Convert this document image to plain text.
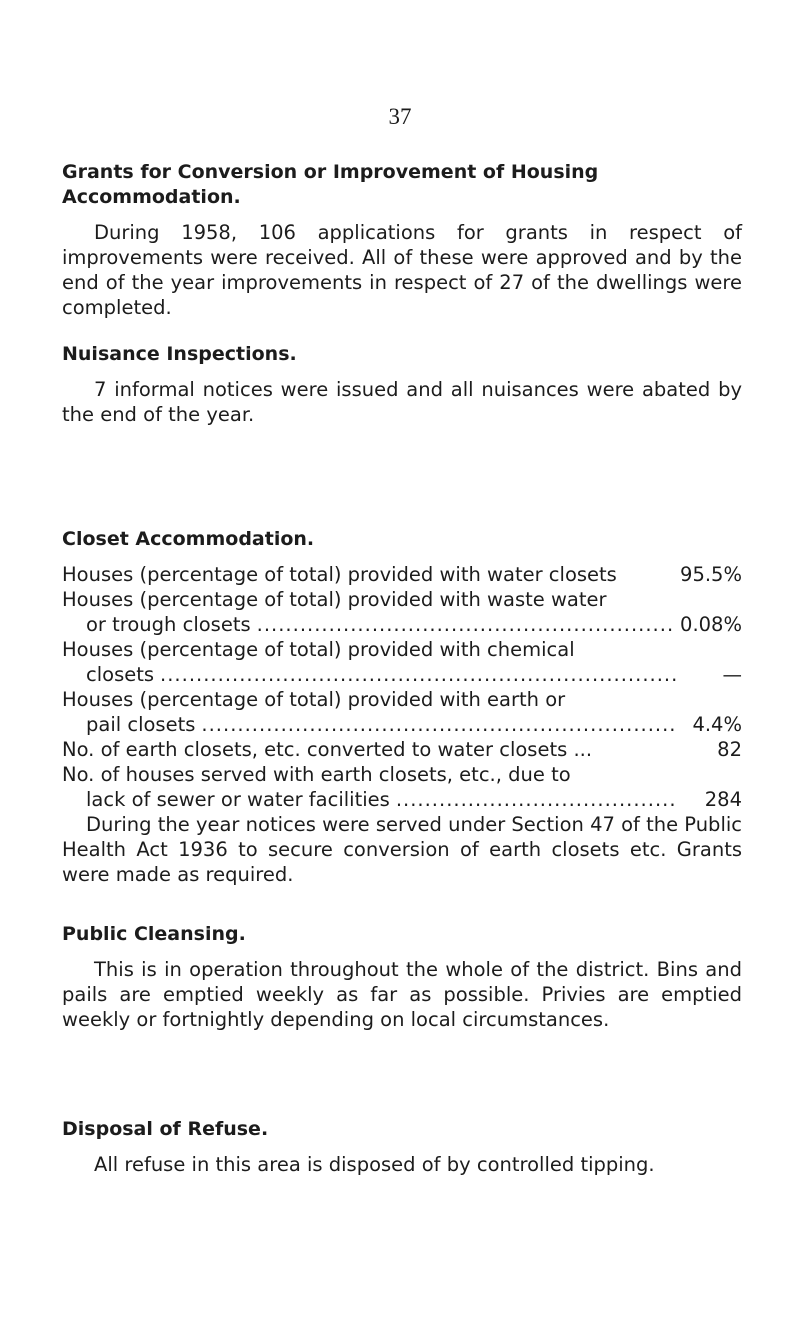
37
Grants for Conversion or Improvement of Housing Accommodation.

During 1958, 106 applications for grants in respect of improvements were received. All of these were approved and by the end of the year improvements in respect of 27 of the dwellings were completed.

Nuisance Inspections.

7 informal notices were issued and all nuisances were abated by the end of the year.

Closet Accommodation.
Houses (percentage of total) provided with water closets	95.5%
Houses (percentage of total) provided with waste water
or trough closets .....	0.08%
Houses (percentage of total) provided with chemical
closets .....	—
Houses (percentage of total) provided with earth or
pail closets .....	4.4%
No. of earth closets, etc. converted to water closets ...	82
No. of houses served with earth closets, etc., due to
lack of sewer or water facilities .....	284

During the year notices were served under Section 47 of the Public Health Act 1936 to secure conversion of earth closets etc. Grants were made as required.

Public Cleansing.

This is in operation throughout the whole of the district. Bins and pails are emptied weekly as far as possible. Privies are emptied weekly or fortnightly depending on local circumstances.

Disposal of Refuse.

All refuse in this area is disposed of by controlled tipping.
